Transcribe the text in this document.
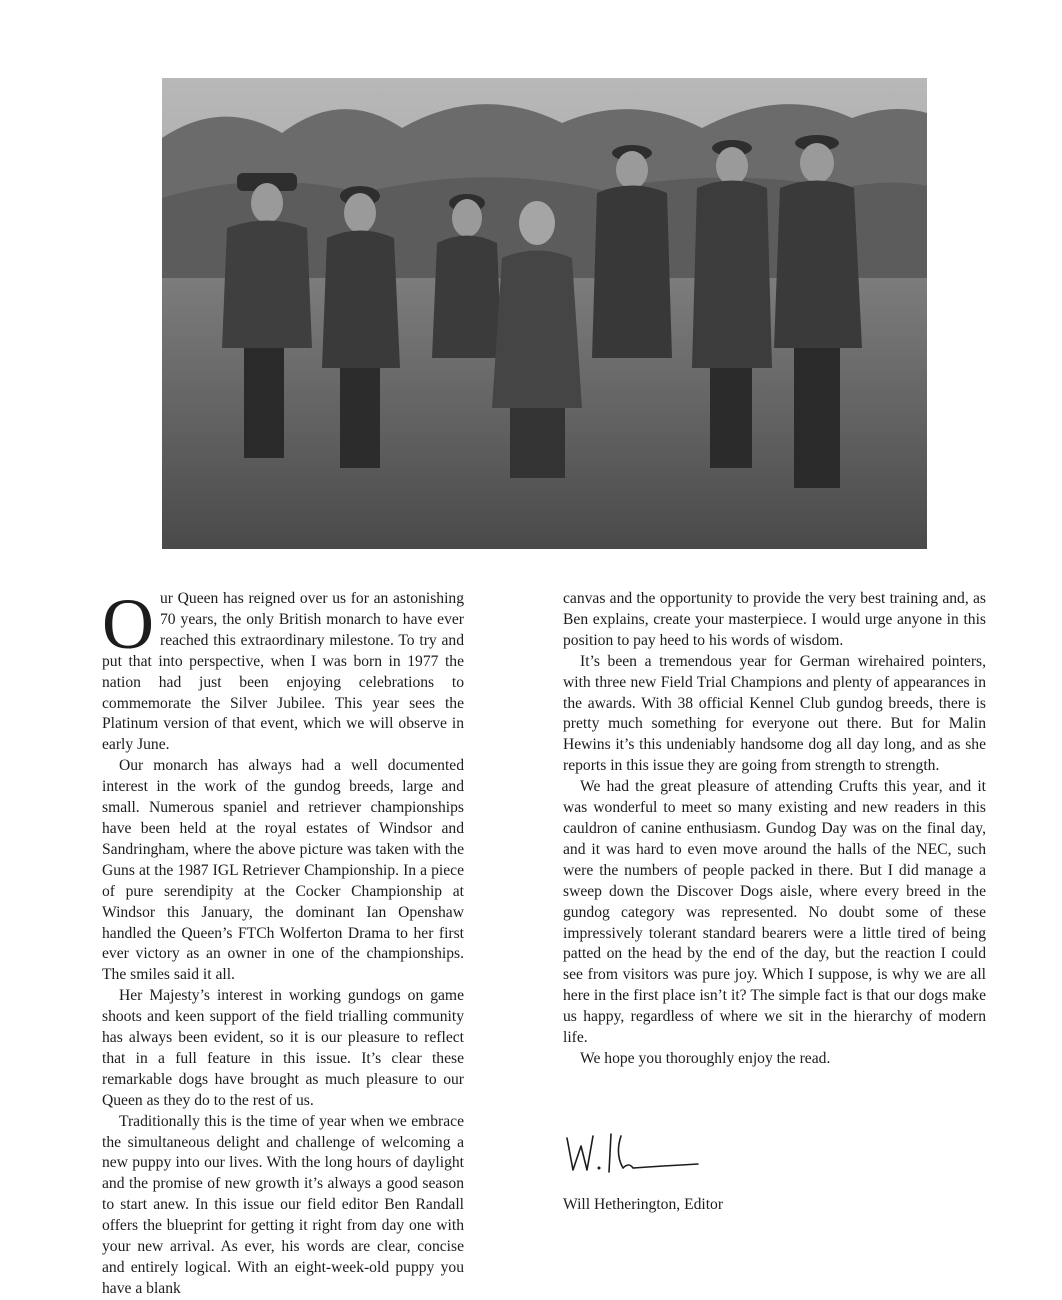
WELCOME

Our Queen has reigned over us for an astonishing 70 years, the only British monarch to have ever reached this extraordinary milestone. To try and put that into perspective, when I was born in 1977 the nation had just been enjoying celebrations to commemorate the Silver Jubilee. This year sees the Platinum version of that event, which we will observe in early June.

Our monarch has always had a well documented interest in the work of the gundog breeds, large and small. Numerous spaniel and retriever championships have been held at the royal estates of Windsor and Sandringham, where the above picture was taken with the Guns at the 1987 IGL Retriever Championship. In a piece of pure serendipity at the Cocker Championship at Windsor this January, the dominant Ian Openshaw handled the Queen’s FTCh Wolferton Drama to her first ever victory as an owner in one of the championships. The smiles said it all.

Her Majesty’s interest in working gundogs on game shoots and keen support of the field trialling community has always been evident, so it is our pleasure to reflect that in a full feature in this issue. It’s clear these remarkable dogs have brought as much pleasure to our Queen as they do to the rest of us.

Traditionally this is the time of year when we embrace the simultaneous delight and challenge of welcoming a new puppy into our lives. With the long hours of daylight and the promise of new growth it’s always a good season to start anew. In this issue our field editor Ben Randall offers the blueprint for getting it right from day one with your new arrival. As ever, his words are clear, concise and entirely logical. With an eight-week-old puppy you have a blank

canvas and the opportunity to provide the very best training and, as Ben explains, create your masterpiece. I would urge anyone in this position to pay heed to his words of wisdom.

It’s been a tremendous year for German wirehaired pointers, with three new Field Trial Champions and plenty of appearances in the awards. With 38 official Kennel Club gundog breeds, there is pretty much something for everyone out there. But for Malin Hewins it’s this undeniably handsome dog all day long, and as she reports in this issue they are going from strength to strength.

We had the great pleasure of attending Crufts this year, and it was wonderful to meet so many existing and new readers in this cauldron of canine enthusiasm. Gundog Day was on the final day, and it was hard to even move around the halls of the NEC, such were the numbers of people packed in there. But I did manage a sweep down the Discover Dogs aisle, where every breed in the gundog category was represented. No doubt some of these impressively tolerant standard bearers were a little tired of being patted on the head by the end of the day, but the reaction I could see from visitors was pure joy. Which I suppose, is why we are all here in the first place isn’t it? The simple fact is that our dogs make us happy, regardless of where we sit in the hierarchy of modern life.

We hope you thoroughly enjoy the read.

Will Hetherington, Editor
